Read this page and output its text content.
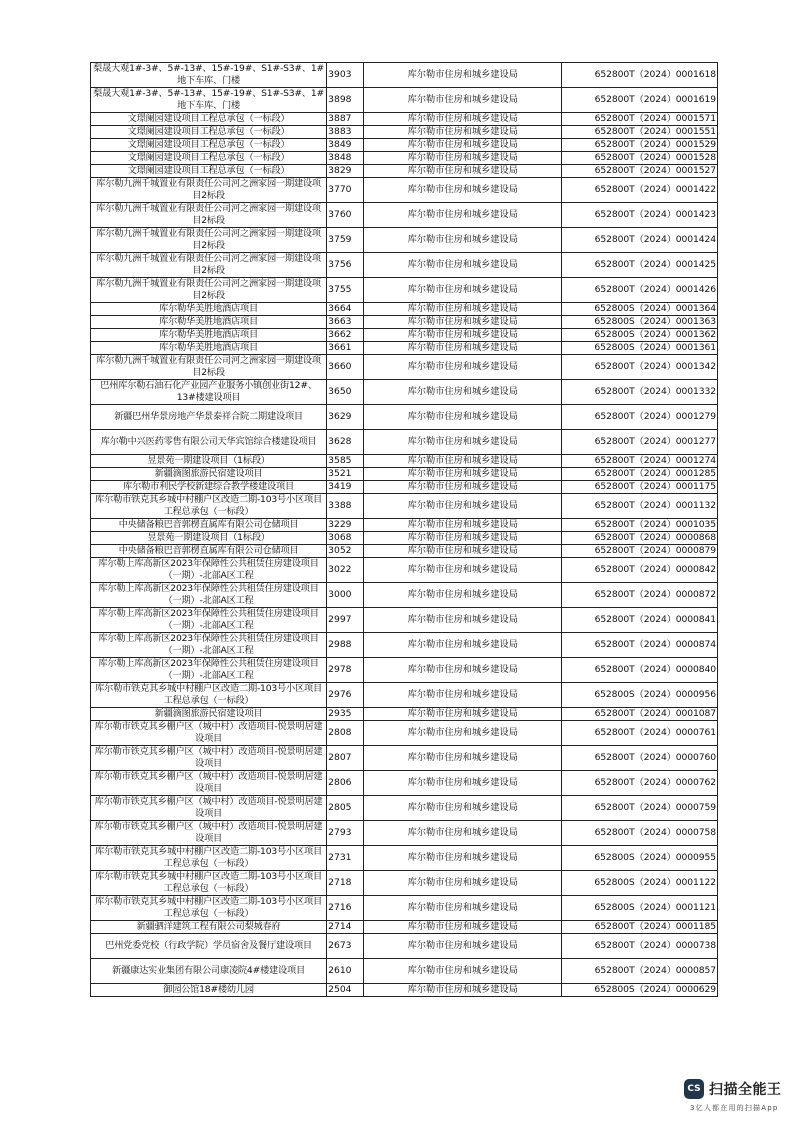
梨晟大观1#-3#、5#-13#、15#-19#、S1#-S3#、1#地下车库、门楼	3903	库尔勒市住房和城乡建设局	652800T（2024）0001618
梨晟大观1#-3#、5#-13#、15#-19#、S1#-S3#、1#地下车库、门楼	3898	库尔勒市住房和城乡建设局	652800T（2024）0001619
文璟阑园建设项目工程总承包（一标段）	3887	库尔勒市住房和城乡建设局	652800T（2024）0001571
文璟阑园建设项目工程总承包（一标段）	3883	库尔勒市住房和城乡建设局	652800T（2024）0001551
文璟阑园建设项目工程总承包（一标段）	3849	库尔勒市住房和城乡建设局	652800T（2024）0001529
文璟阑园建设项目工程总承包（一标段）	3848	库尔勒市住房和城乡建设局	652800T（2024）0001528
文璟阑园建设项目工程总承包（一标段）	3829	库尔勒市住房和城乡建设局	652800T（2024）0001527
库尔勒九洲千城置业有限责任公司河之洲家园一期建设项目2标段	3770	库尔勒市住房和城乡建设局	652800T（2024）0001422
库尔勒九洲千城置业有限责任公司河之洲家园一期建设项目2标段	3760	库尔勒市住房和城乡建设局	652800T（2024）0001423
库尔勒九洲千城置业有限责任公司河之洲家园一期建设项目2标段	3759	库尔勒市住房和城乡建设局	652800T（2024）0001424
库尔勒九洲千城置业有限责任公司河之洲家园一期建设项目2标段	3756	库尔勒市住房和城乡建设局	652800T（2024）0001425
库尔勒九洲千城置业有限责任公司河之洲家园一期建设项目2标段	3755	库尔勒市住房和城乡建设局	652800T（2024）0001426
库尔勒华美胜地酒店项目	3664	库尔勒市住房和城乡建设局	652800S（2024）0001364
库尔勒华美胜地酒店项目	3663	库尔勒市住房和城乡建设局	652800S（2024）0001363
库尔勒华美胜地酒店项目	3662	库尔勒市住房和城乡建设局	652800S（2024）0001362
库尔勒华美胜地酒店项目	3661	库尔勒市住房和城乡建设局	652800S（2024）0001361
库尔勒九洲千城置业有限责任公司河之洲家园一期建设项目2标段	3660	库尔勒市住房和城乡建设局	652800T（2024）0001342
巴州库尔勒石油石化产业园产业服务小镇创业街12#、13#楼建设项目	3650	库尔勒市住房和城乡建设局	652800T（2024）0001332
新疆巴州华景房地产华景泰祥合院二期建设项目	3629	库尔勒市住房和城乡建设局	652800T（2024）0001279
库尔勒中兴医药零售有限公司天华宾馆综合楼建设项目	3628	库尔勒市住房和城乡建设局	652800T（2024）0001277
昱景苑一期建设项目（1标段）	3585	库尔勒市住房和城乡建设局	652800T（2024）0001274
新疆滴图旅游民宿建设项目	3521	库尔勒市住房和城乡建设局	652800T（2024）0001285
库尔勒市利民学校新建综合教学楼建设项目	3419	库尔勒市住房和城乡建设局	652800T（2024）0001175
库尔勒市铁克其乡城中村棚户区改造二期-103号小区项目工程总承包（一标段）	3388	库尔勒市住房和城乡建设局	652800T（2024）0001132
中央储备粮巴音郭楞直属库有限公司仓储项目	3229	库尔勒市住房和城乡建设局	652800T（2024）0001035
昱景苑一期建设项目（1标段）	3068	库尔勒市住房和城乡建设局	652800T（2024）0000868
中央储备粮巴音郭楞直属库有限公司仓储项目	3052	库尔勒市住房和城乡建设局	652800T（2024）0000879
库尔勒上库高新区2023年保障性公共租赁住房建设项目（一期）-北部A区工程	3022	库尔勒市住房和城乡建设局	652800T（2024）0000842
库尔勒上库高新区2023年保障性公共租赁住房建设项目（一期）-北部A区工程	3000	库尔勒市住房和城乡建设局	652800T（2024）0000872
库尔勒上库高新区2023年保障性公共租赁住房建设项目（一期）-北部A区工程	2997	库尔勒市住房和城乡建设局	652800T（2024）0000841
库尔勒上库高新区2023年保障性公共租赁住房建设项目（一期）-北部A区工程	2988	库尔勒市住房和城乡建设局	652800T（2024）0000874
库尔勒上库高新区2023年保障性公共租赁住房建设项目（一期）-北部A区工程	2978	库尔勒市住房和城乡建设局	652800T（2024）0000840
库尔勒市铁克其乡城中村棚户区改造二期-103号小区项目工程总承包（一标段）	2976	库尔勒市住房和城乡建设局	652800S（2024）0000956
新疆滴图旅游民宿建设项目	2935	库尔勒市住房和城乡建设局	652800T（2024）0001087
库尔勒市铁克其乡棚户区（城中村）改造项目-悦景明居建设项目	2808	库尔勒市住房和城乡建设局	652800T（2024）0000761
库尔勒市铁克其乡棚户区（城中村）改造项目-悦景明居建设项目	2807	库尔勒市住房和城乡建设局	652800T（2024）0000760
库尔勒市铁克其乡棚户区（城中村）改造项目-悦景明居建设项目	2806	库尔勒市住房和城乡建设局	652800T（2024）0000762
库尔勒市铁克其乡棚户区（城中村）改造项目-悦景明居建设项目	2805	库尔勒市住房和城乡建设局	652800T（2024）0000759
库尔勒市铁克其乡棚户区（城中村）改造项目-悦景明居建设项目	2793	库尔勒市住房和城乡建设局	652800T（2024）0000758
库尔勒市铁克其乡城中村棚户区改造二期-103号小区项目工程总承包（一标段）	2731	库尔勒市住房和城乡建设局	652800S（2024）0000955
库尔勒市铁克其乡城中村棚户区改造二期-103号小区项目工程总承包（一标段）	2718	库尔勒市住房和城乡建设局	652800S（2024）0001122
库尔勒市铁克其乡城中村棚户区改造二期-103号小区项目工程总承包（一标段）	2716	库尔勒市住房和城乡建设局	652800S（2024）0001121
新疆驷洋建筑工程有限公司梨城春府	2714	库尔勒市住房和城乡建设局	652800T（2024）0001185
巴州党委党校（行政学院）学员宿舍及餐厅建设项目	2673	库尔勒市住房和城乡建设局	652800T（2024）0000738
新疆康达实业集团有限公司康凌院4#楼建设项目	2610	库尔勒市住房和城乡建设局	652800T（2024）0000857
御园公馆18#楼幼儿园	2504	库尔勒市住房和城乡建设局	652800S（2024）0000629
CS 扫描全能王
3亿人都在用的扫描App
